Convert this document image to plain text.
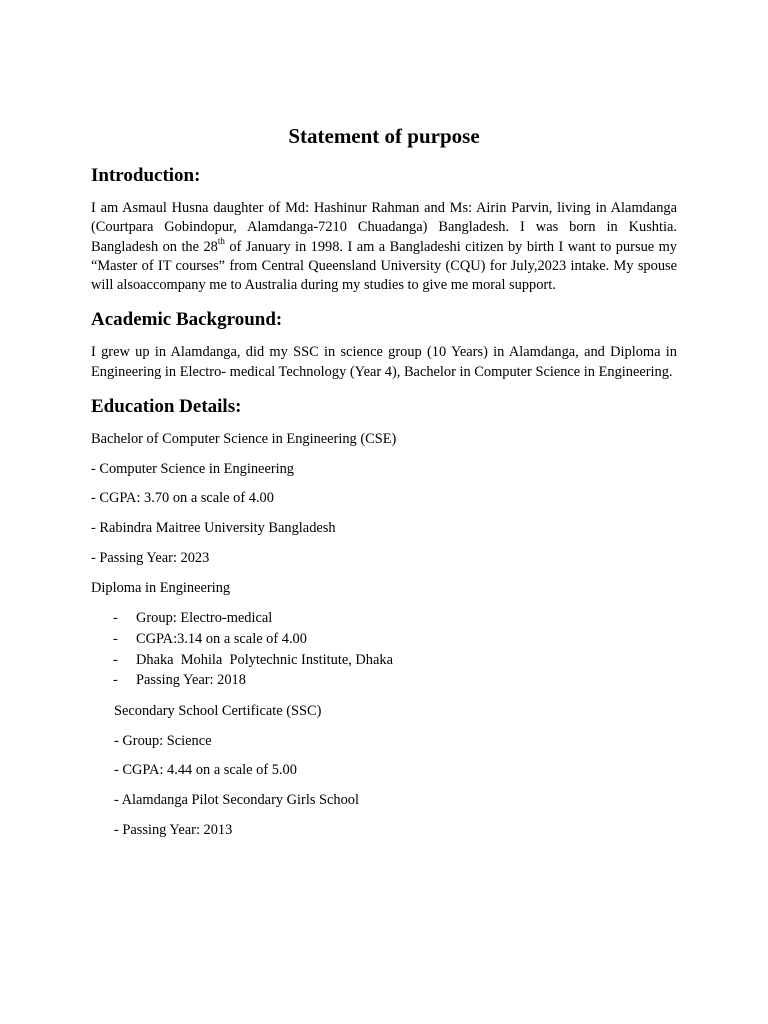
Statement of purpose
Introduction:

I am Asmaul Husna daughter of Md: Hashinur Rahman and Ms: Airin Parvin, living in Alamdanga (Courtpara Gobindopur, Alamdanga-7210 Chuadanga) Bangladesh. I was born in Kushtia. Bangladesh on the 28th of January in 1998. I am a Bangladeshi citizen by birth I want to pursue my “Master of IT courses” from Central Queensland University (CQU) for July,2023 intake. My spouse will alsoaccompany me to Australia during my studies to give me moral support.

Academic Background:

I grew up in Alamdanga, did my SSC in science group (10 Years) in Alamdanga, and Diploma in Engineering in Electro- medical Technology (Year 4), Bachelor in Computer Science in Engineering.

Education Details:
Bachelor of Computer Science in Engineering (CSE)
- Computer Science in Engineering
- CGPA: 3.70 on a scale of 4.00
- Rabindra Maitree University Bangladesh
- Passing Year: 2023
Diploma in Engineering
- Group: Electro-medical
- CGPA:3.14 on a scale of 4.00
- Dhaka  Mohila  Polytechnic Institute, Dhaka
- Passing Year: 2018
Secondary School Certificate (SSC)
- Group: Science
- CGPA: 4.44 on a scale of 5.00
- Alamdanga Pilot Secondary Girls School
- Passing Year: 2013
